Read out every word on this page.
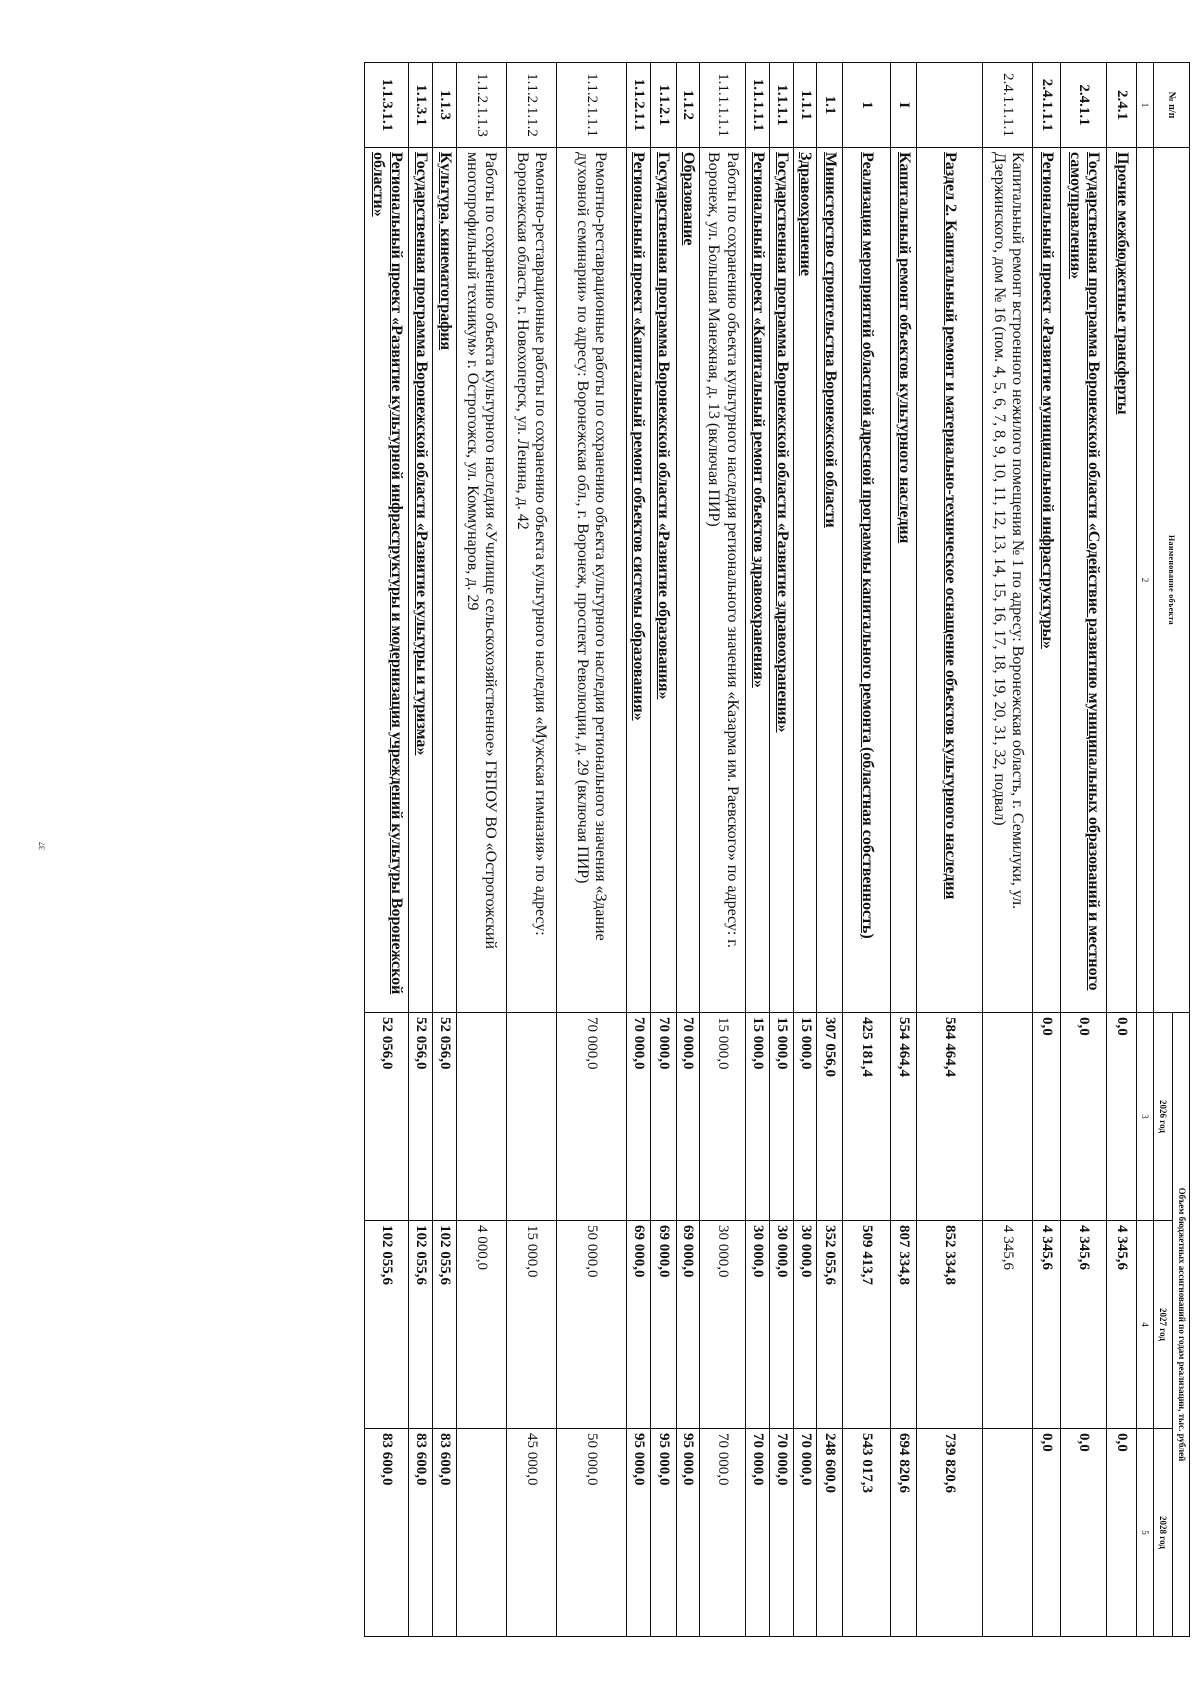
37
№ п/п	Наименование объекта	Объем бюджетных ассигнований по годам реализации, тыс. рублей		
		2026 год	2027 год	2028 год
1	2	3	4	5
2.4.1	Прочие межбюджетные трансферты	0,0	4 345,6	0,0
2.4.1.1	Государственная программа Воронежской области «Содействие развитию муниципальных образований и местного самоуправления»	0,0	4 345,6	0,0
2.4.1.1.1	Региональный проект «Развитие муниципальной инфраструктуры»	0,0	4 345,6	0,0
2.4.1.1.1.1	Капитальный ремонт встроенного нежилого помещения № 1 по адресу: Воронежская область, г. Семилуки, ул. Дзержинского, дом № 16 (пом. 4, 5, 6, 7, 8, 9, 10, 11, 12, 13, 14, 15, 16, 17, 18, 19, 20, 31, 32, подвал)		4 345,6	
	Раздел 2. Капитальный ремонт и материально-техническое оснащение объектов культурного наследия	584 464,4	852 334,8	739 820,6
I	Капитальный ремонт объектов культурного наследия	554 464,4	807 334,8	694 820,6
1	Реализация мероприятий областной адресной программы капитального ремонта (областная собственность)	425 181,4	509 413,7	543 017,3
1.1	Министерство строительства Воронежской области	307 056,0	352 055,6	248 600,0
1.1.1	Здравоохранение	15 000,0	30 000,0	70 000,0
1.1.1.1	Государственная программа Воронежской области «Развитие здравоохранения»	15 000,0	30 000,0	70 000,0
1.1.1.1.1	Региональный проект «Капитальный ремонт объектов здравоохранения»	15 000,0	30 000,0	70 000,0
1.1.1.1.1.1	Работы по сохранению объекта культурного наследия регионального значения «Казарма им. Раевского» по адресу: г. Воронеж, ул. Большая Манежная, д. 13 (включая ПИР)	15 000,0	30 000,0	70 000,0
1.1.2	Образование	70 000,0	69 000,0	95 000,0
1.1.2.1	Государственная программа Воронежской области «Развитие образования»	70 000,0	69 000,0	95 000,0
1.1.2.1.1	Региональный проект «Капитальный ремонт объектов системы образования»	70 000,0	69 000,0	95 000,0
1.1.2.1.1.1	Ремонтно-реставрационные работы по сохранению объекта культурного наследия регионального значения «Здание духовной семинарии» по адресу: Воронежская обл., г. Воронеж, проспект Революции, д. 29 (включая ПИР)	70 000,0	50 000,0	50 000,0
1.1.2.1.1.2	Ремонтно-реставрационные работы по сохранению объекта культурного наследия «Мужская гимназия» по адресу: Воронежская область, г. Новохоперск, ул. Ленина, д. 42		15 000,0	45 000,0
1.1.2.1.1.3	Работы по сохранению объекта культурного наследия «Училище сельскохозяйственное» ГБПОУ ВО «Острогожский многопрофильный техникум» г. Острогожск, ул. Коммунаров, д. 29		4 000,0	
1.1.3	Культура, кинематография	52 056,0	102 055,6	83 600,0
1.1.3.1	Государственная программа Воронежской области «Развитие культуры и туризма»	52 056,0	102 055,6	83 600,0
1.1.3.1.1	Региональный проект «Развитие культурной инфраструктуры и модернизация учреждений культуры Воронежской области»	52 056,0	102 055,6	83 600,0
